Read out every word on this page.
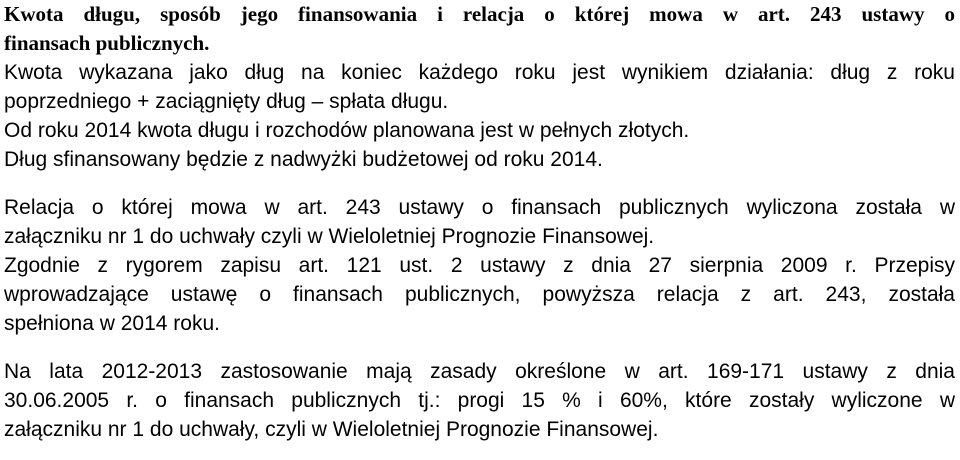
Kwota długu, sposób jego finansowania i relacja o której mowa w art. 243 ustawy o
finansach publicznych.
Kwota wykazana jako dług na koniec każdego roku jest wynikiem działania: dług z roku
poprzedniego + zaciągnięty dług – spłata długu.
Od roku 2014 kwota długu i rozchodów planowana jest w pełnych złotych.
Dług sfinansowany będzie z nadwyżki budżetowej od roku 2014.
Relacja o której mowa w art. 243 ustawy o finansach publicznych wyliczona została w
załączniku nr 1 do uchwały czyli w Wieloletniej Prognozie Finansowej.
Zgodnie z rygorem zapisu art. 121 ust. 2 ustawy z dnia 27 sierpnia 2009 r. Przepisy
wprowadzające ustawę o finansach publicznych, powyższa relacja z art. 243, została
spełniona w 2014 roku.
Na lata 2012-2013 zastosowanie mają zasady określone w art. 169-171 ustawy z dnia
30.06.2005 r. o finansach publicznych tj.: progi 15 % i 60%, które zostały wyliczone w
załączniku nr 1 do uchwały, czyli w Wieloletniej Prognozie Finansowej.
